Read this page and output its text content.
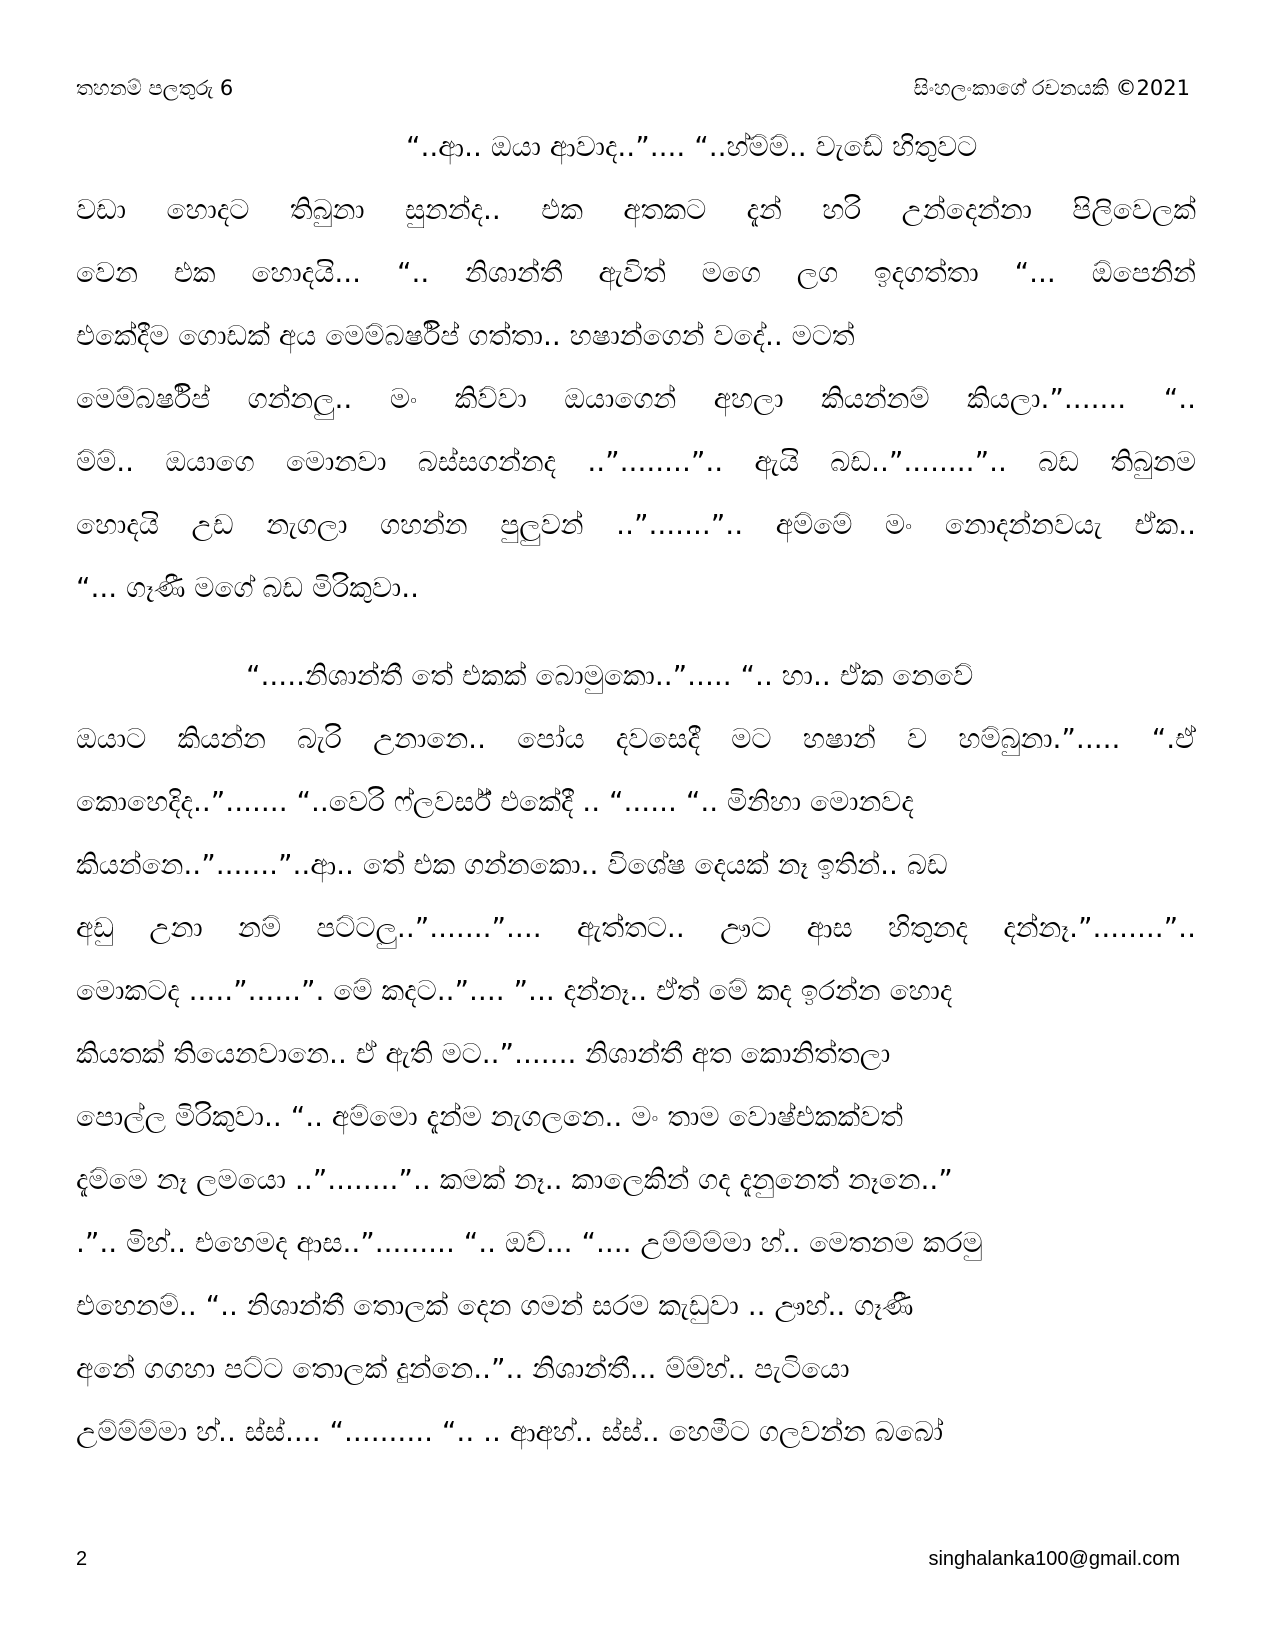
තහනම් පලතුරු 6	සිංහලංකාගේ රචනයකි ©2021
“..ආ.. ඔයා ආවාද..”.... “..හ්ම්ම්.. වැඩේ හිතුවට
වඩා හොදට තිබුනා සුනන්ද.. එක අතකට දැන් හරි උන්දෙන්නා පිලිවෙලක්
වෙන එක හොදයි... “.. නිශාන්තී ඇවිත් මගෙ ලග ඉදගත්තා “... ඕපෙනින්
එකේදීම ගොඩක් අය මෙම්බර්ෂිප් ගත්තා.. හෂාන්ගෙන් වදේ.. මටත්
මෙම්බර්ෂිප් ගන්නලු.. මං කිව්වා ඔයාගෙන් අහලා කියන්නම් කියලා.”....... “..
ම්ම්.. ඔයාගෙ මොනවා බස්සගන්නද ..”........”.. ඇයි බඩ..”........”.. බඩ තිබුනම
හොදයි උඩ නැගලා ගහන්න පුලුවන් ..”.......”.. අම්මේ මං නොදන්නවයැ ඒක..
“... ගෑණී මගේ බඩ මිරිකුවා..
“.....නිශාන්තී තේ එකක් බොමුකො..”..... “.. හා.. ඒක නෙවේ
ඔයාට කියන්න බැරි උනානෙ.. පෝය දවසෙදී මට හෂාන් ව හම්බුනා.”..... “.ඒ
කොහෙදිද..”....... “..වෙරි ෆ්ලවර්ස් එකේදී .. “...... “.. මිනිහා මොනවද
කියන්නෙ..”.......”..ආ.. තේ එක ගන්නකො.. විශේෂ දෙයක් නෑ ඉතින්.. බඩ
අඩු උනා නම් පට්ටලු..”.......”.... ඇත්තට.. ඌට ආස හිතුනද දන්නෑ.”........”..
මොකටද .....”......”. මේ කදට..”.... ”... දන්නෑ.. ඒත් මේ කද ඉරන්න හොද
කියතක් තියෙනවානෙ.. ඒ ඇති මට..”....... නිශාන්තී අත කොනිත්තලා
පොල්ල මිරිකුවා.. “.. අම්මො දැන්ම නැගලනෙ.. මං තාම වොෂ්එකක්වත්
දැම්මෙ නෑ ලමයො ..”........”.. කමක් නෑ.. කාලෙකින් ගද දැනුනෙත් නෑනෙ..”
.”.. මිහ්.. එහෙමද ආස..”......... “.. ඔව්... “.... උම්ම්ම්මා හ්.. මෙතනම කරමු
එහෙනම්.. “.. නිශාන්තී තොලක් දෙන ගමන් සරම කැඩුවා .. ඌහ්.. ගෑණී
අනේ ගගහා පට්ට තොලක් දුන්නෙ..”.. නිශාන්තී... ම්ම්හ්.. පැටියො
උම්ම්ම්මා හ්.. ස්ස්.... “.......... “.. .. ආඅහ්.. ස්ස්.. හෙමීට ගලවන්න බබෝ
2	singhalanka100@gmail.com
